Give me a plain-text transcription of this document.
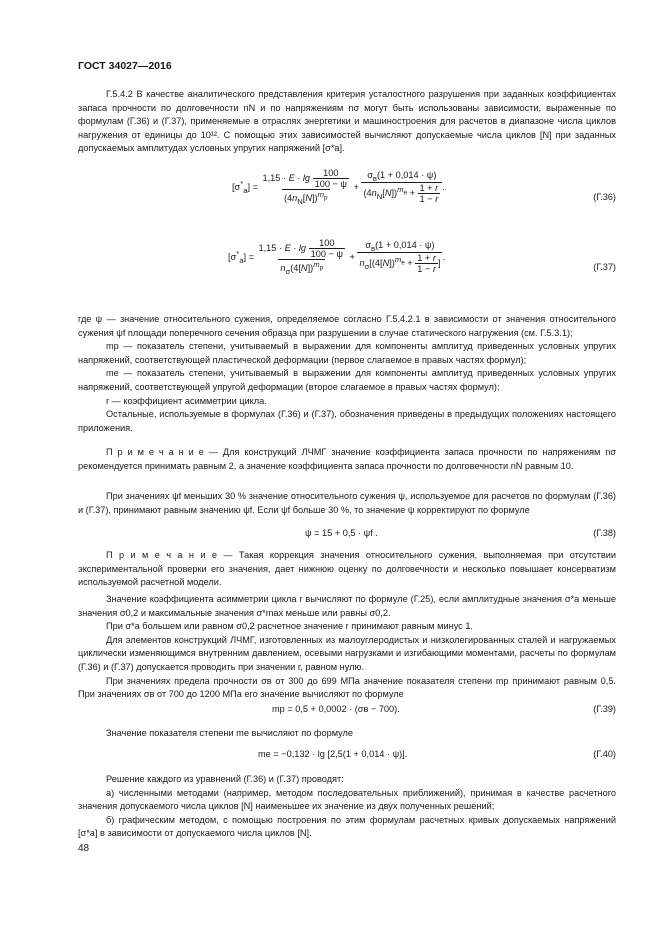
ГОСТ 34027—2016

Г.5.4.2 В качестве аналитического представления критерия усталостного разрушения при заданных коэффициентах запаса прочности по долговечности nN и по напряжениям nσ могут быть использованы зависимости, выраженные по формулам (Г.36) и (Г.37), применяемые в отраслях энергетики и машиностроения для расчетов в диапазоне числа циклов нагружения от единицы до 10¹². С помощью этих зависимостей вычисляют допускаемые числа циклов [N] при заданных допускаемых амплитудах условных упругих напряжений [σ*a].

$[\sigma^*_a] = \frac{1,15 \cdot E \cdot \lg \frac{100}{100 - \psi}}{(4n_N[N])^{m_p}} + \frac{\sigma_в(1 + 0,014 \cdot \psi)}{(4n_N[N])^{m_e} + \frac{1 + r}{1 - r}}$ .
(Г.36)
$[\sigma^*_a] = \frac{1,15 \cdot E \cdot \lg \frac{100}{100 - \psi}}{n_\sigma(4[N])^{m_p}} + \frac{\sigma_в(1 + 0,014 \cdot \psi)}{n_\sigma[(4[N])^{m_e} + \frac{1 + r}{1 - r} ]}$ .
(Г.37)

где ψ — значение относительного сужения, определяемое согласно Г.5.4.2.1 в зависимости от значения относительного сужения ψf площади поперечного сечения образца при разрушении в случае статического нагружения (см. Г.5.3.1);

mp — показатель степени, учитываемый в выражении для компоненты амплитуд приведенных условных упругих напряжений, соответствующей пластической деформации (первое слагаемое в правых частях формул);

me — показатель степени, учитываемый в выражении для компоненты амплитуд приведенных условных упругих напряжений, соответствующей упругой деформации (второе слагаемое в правых частях формул);

r — коэффициент асимметрии цикла.

Остальные, используемые в формулах (Г.36) и (Г.37), обозначения приведены в предыдущих положениях настоящего приложения.

П р и м е ч а н и е — Для конструкций ЛЧМГ значение коэффициента запаса прочности по напряжениям nσ рекомендуется принимать равным 2, а значение коэффициента запаса прочности по долговечности nN равным 10.

При значениях ψf меньших 30 % значение относительного сужения ψ, используемое для расчетов по формулам (Г.36) и (Г.37), принимают равным значению ψf. Если ψf больше 30 %, то значение ψ корректируют по формуле

ψ = 15 + 0,5 · ψf .	(Г.38)

П р и м е ч а н и е — Такая коррекция значения относительного сужения, выполняемая при отсутствии экспериментальной проверки его значения, дает нижнюю оценку по долговечности и несколько повышает консерватизм используемой расчетной модели.

Значение коэффициента асимметрии цикла r вычисляют по формуле (Г.25), если амплитудные значения σ*a меньше значения σ0,2 и максимальные значения σ*max меньше или равны σ0,2.

При σ*a большем или равном σ0,2 расчетное значение r принимают равным минус 1.

Для элементов конструкций ЛЧМГ, изготовленных из малоуглеродистых и низколегированных сталей и нагружаемых циклически изменяющимся внутренним давлением, осевыми нагрузками и изгибающими моментами, расчеты по формулам (Г.36) и (Г.37) допускается проводить при значении r, равном нулю.

При значениях предела прочности σв от 300 до 699 МПа значение показателя степени mp принимают равным 0,5. При значениях σв от 700 до 1200 МПа его значение вычисляют по формуле

mp = 0,5 + 0,0002 · (σв − 700).	(Г.39)

Значение показателя степени me вычисляют по формуле

me = −0,132 · lg [2,5(1 + 0,014 · ψ)].	(Г.40)

Решение каждого из уравнений (Г.36) и (Г.37) проводят:

а) численными методами (например, методом последовательных приближений), принимая в качестве расчетного значения допускаемого числа циклов [N] наименьшее их значение из двух полученных решений;

б) графическим методом, с помощью построения по этим формулам расчетных кривых допускаемых напряжений [σ*a] в зависимости от допускаемого числа циклов [N].

48
